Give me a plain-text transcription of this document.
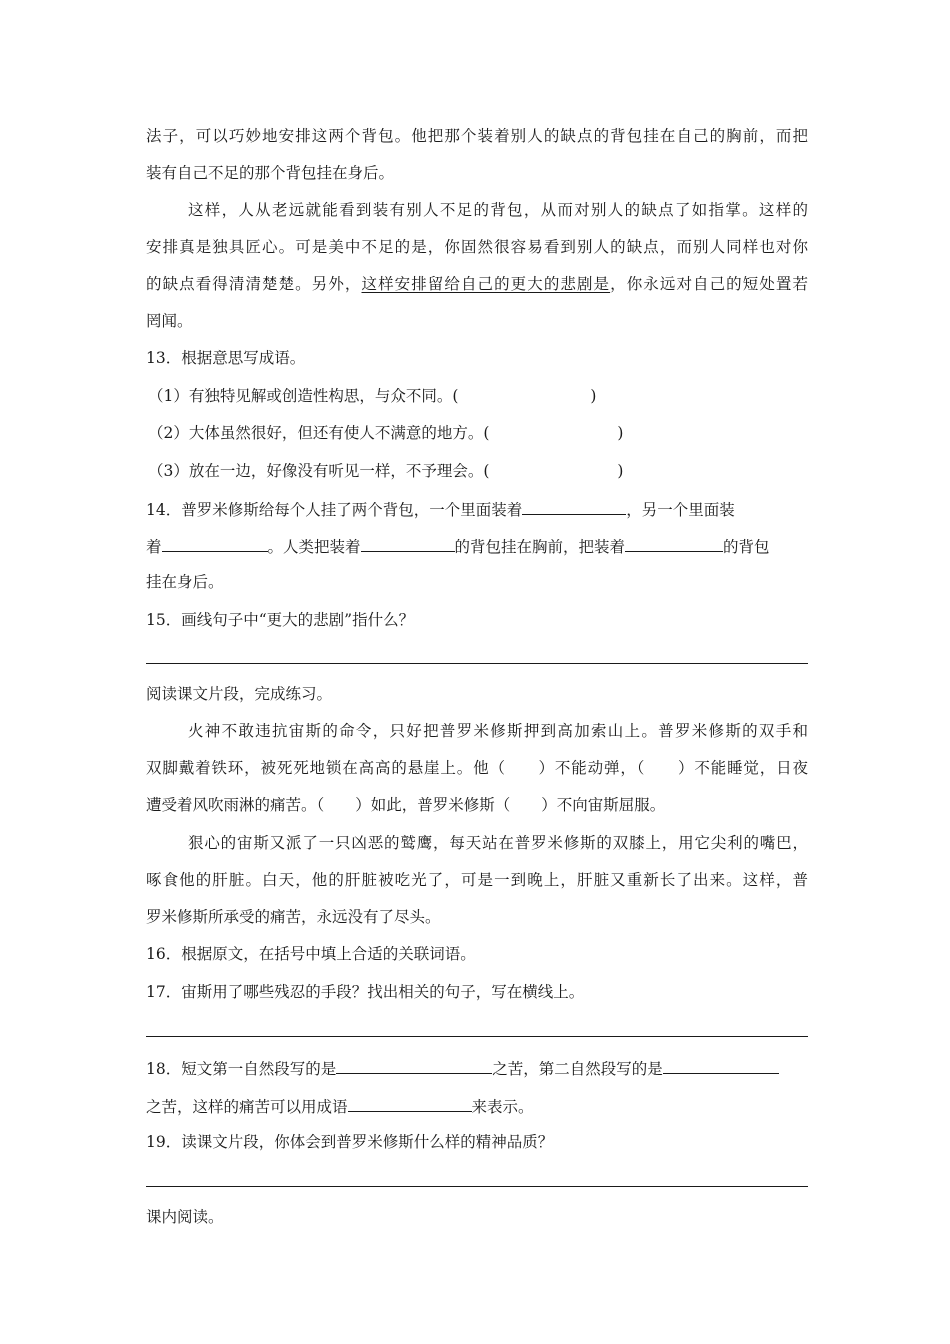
法子，可以巧妙地安排这两个背包。他把那个装着别人的缺点的背包挂在自己的胸前，而把
装有自己不足的那个背包挂在身后。
这样，人从老远就能看到装有别人不足的背包，从而对别人的缺点了如指掌。这样的
安排真是独具匠心。可是美中不足的是，你固然很容易看到别人的缺点，而别人同样也对你
的缺点看得清清楚楚。另外，这样安排留给自己的更大的悲剧是，你永远对自己的短处置若
罔闻。
13．根据意思写成语。
（1）有独特见解或创造性构思，与众不同。(	)
（2）大体虽然很好，但还有使人不满意的地方。(	)
（3）放在一边，好像没有听见一样，不予理会。(	)
14．普罗米修斯给每个人挂了两个背包，一个里面装着	，另一个里面装
着	。人类把装着	的背包挂在胸前，把装着	的背包
挂在身后。
15．画线句子中“更大的悲剧”指什么？
阅读课文片段，完成练习。
火神不敢违抗宙斯的命令，只好把普罗米修斯押到高加索山上。普罗米修斯的双手和
双脚戴着铁环，被死死地锁在高高的悬崖上。他（　　）不能动弹，（　　）不能睡觉，日夜
遭受着风吹雨淋的痛苦。（　　）如此，普罗米修斯（　　）不向宙斯屈服。
狠心的宙斯又派了一只凶恶的鹫鹰，每天站在普罗米修斯的双膝上，用它尖利的嘴巴，
啄食他的肝脏。白天，他的肝脏被吃光了，可是一到晚上，肝脏又重新长了出来。这样，普
罗米修斯所承受的痛苦，永远没有了尽头。
16．根据原文，在括号中填上合适的关联词语。
17．宙斯用了哪些残忍的手段？找出相关的句子，写在横线上。
18．短文第一自然段写的是	之苦，第二自然段写的是
之苦，这样的痛苦可以用成语	来表示。
19．读课文片段，你体会到普罗米修斯什么样的精神品质？
课内阅读。
